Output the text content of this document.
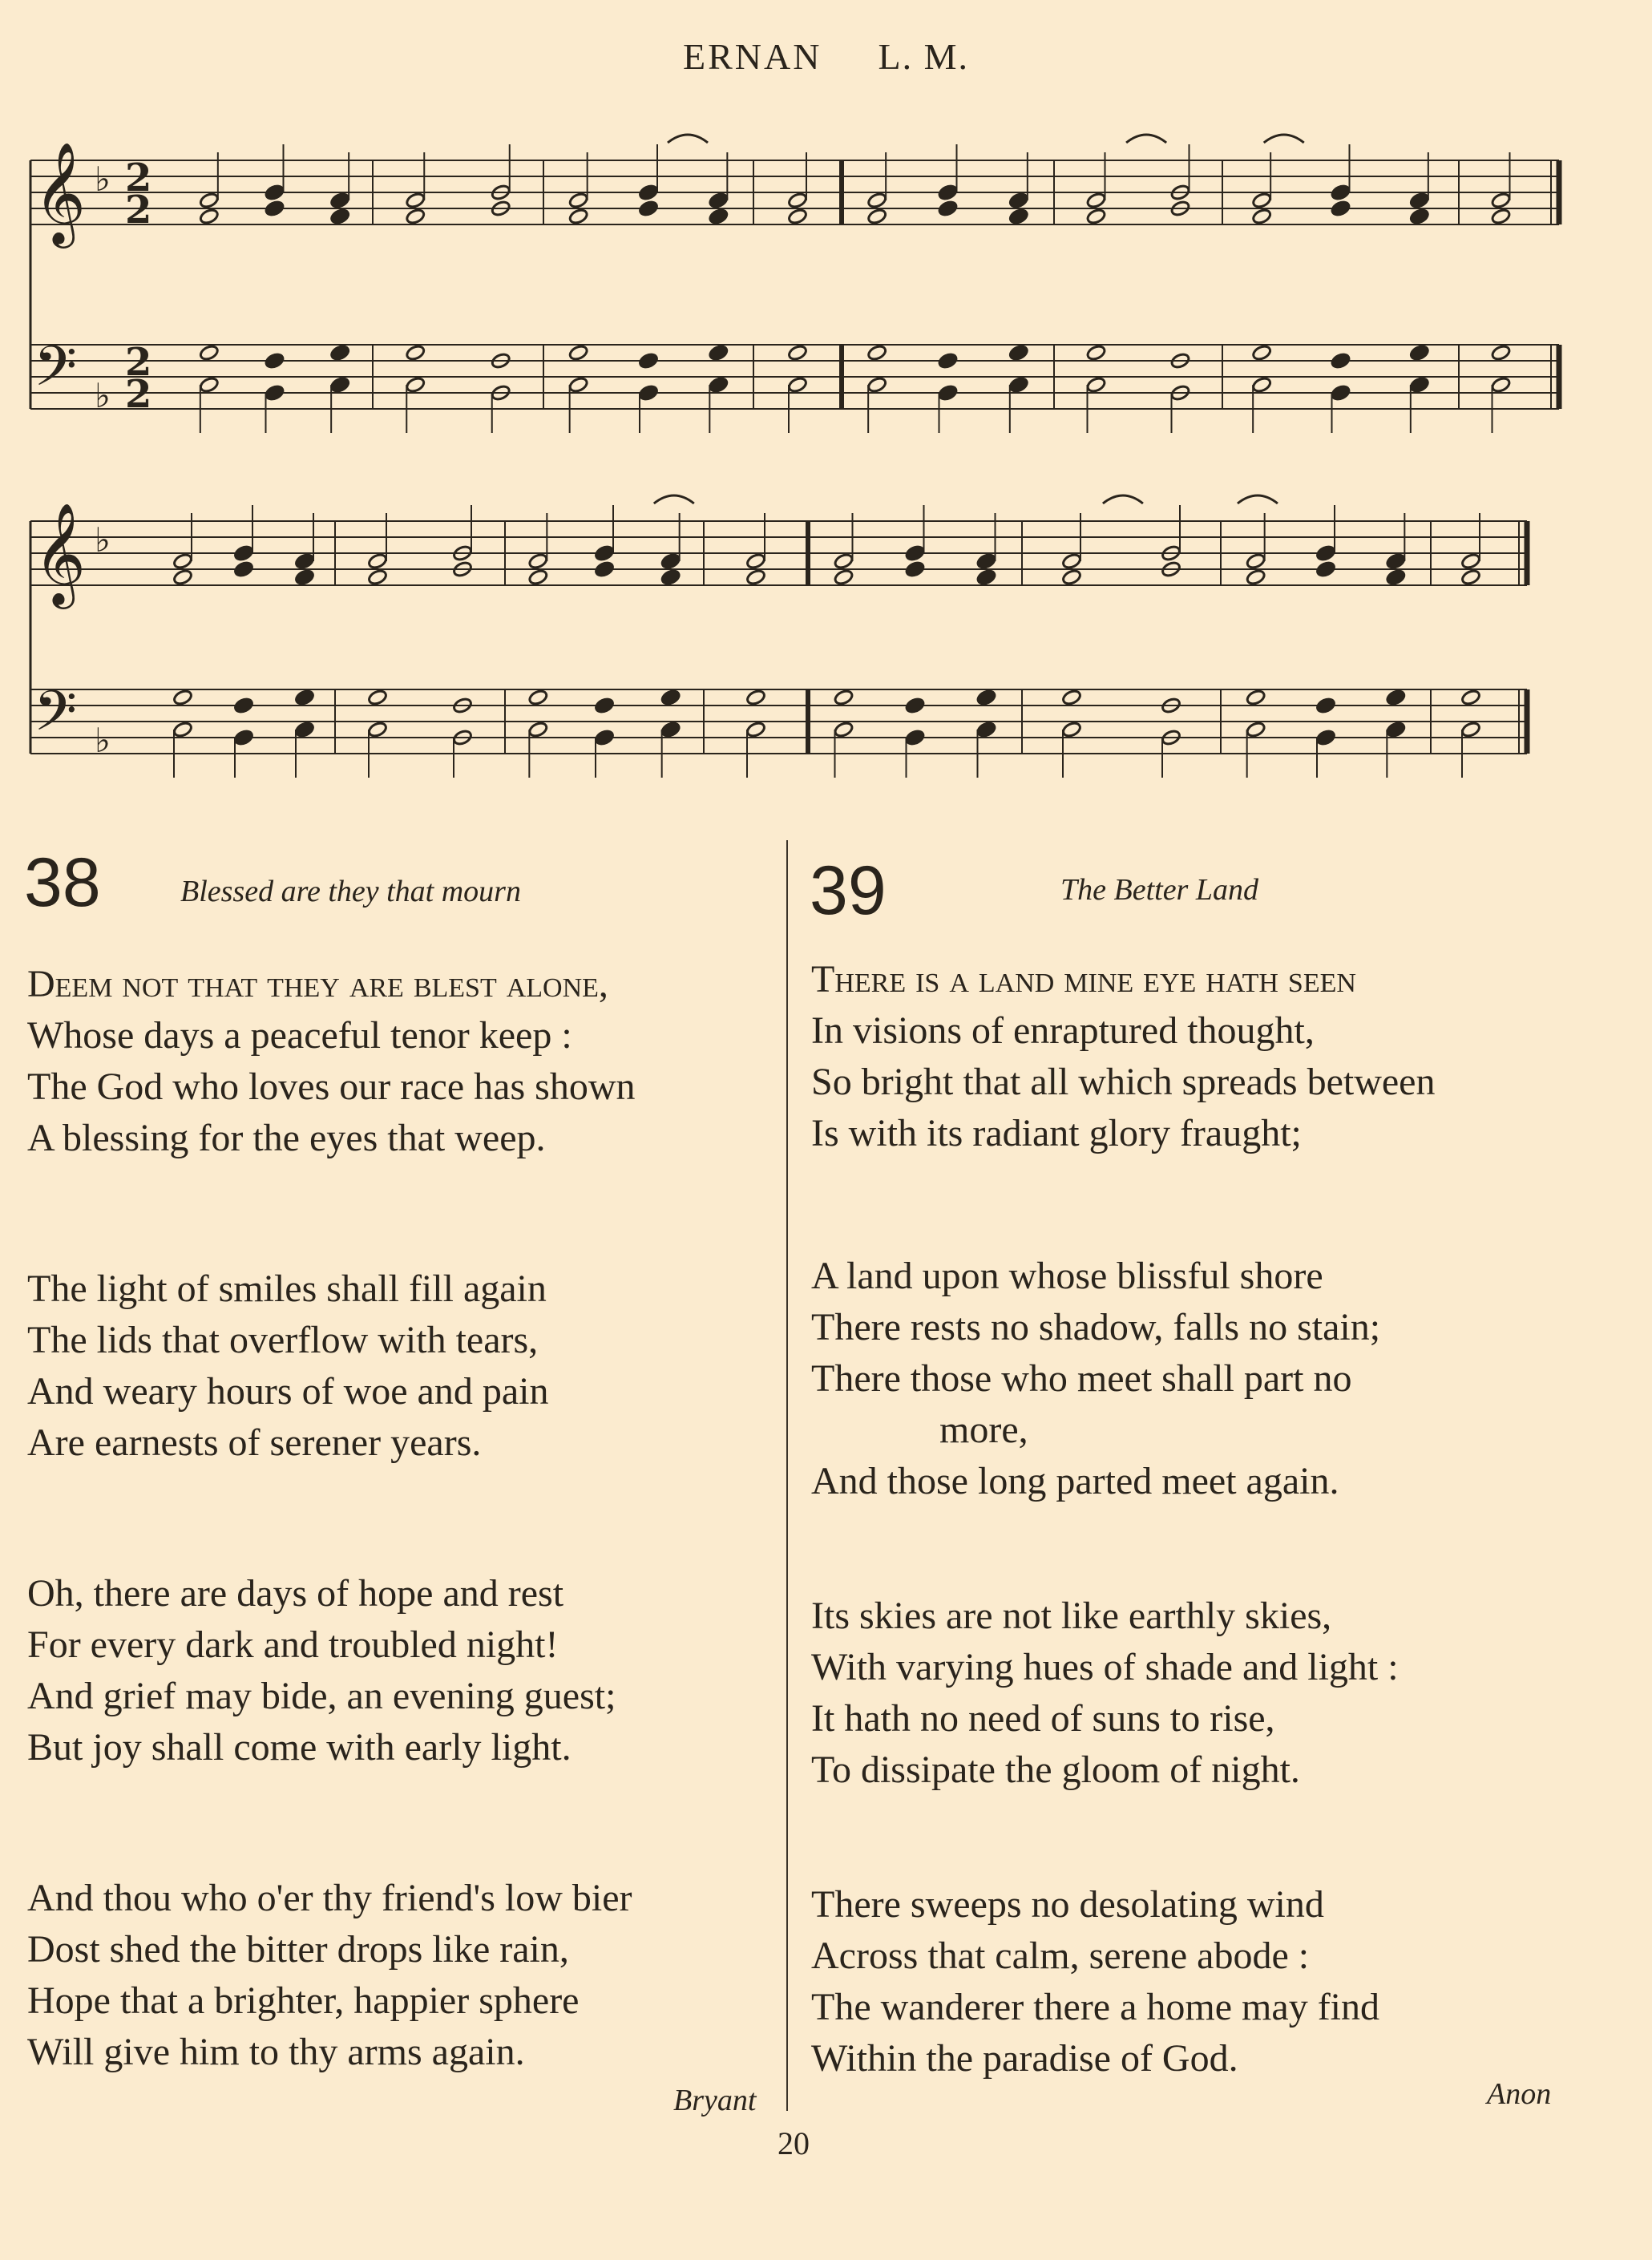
ERNAN L. M.
𝄞
𝄢
♭
♭
2
2
2
2
𝄞
𝄢
♭
♭
38	Blessed are they that mourn
Deem not that they are blest alone,
Whose days a peaceful tenor keep :
The God who loves our race has shown
A blessing for the eyes that weep.
The light of smiles shall fill again
The lids that overflow with tears,
And weary hours of woe and pain
Are earnests of serener years.
Oh, there are days of hope and rest
For every dark and troubled night!
And grief may bide, an evening guest;
But joy shall come with early light.
And thou who o'er thy friend's low bier
Dost shed the bitter drops like rain,
Hope that a brighter, happier sphere
Will give him to thy arms again.
Bryant
39	The Better Land
There is a land mine eye hath seen
In visions of enraptured thought,
So bright that all which spreads between
Is with its radiant glory fraught;
A land upon whose blissful shore
There rests no shadow, falls no stain;
There those who meet shall part no
more,
And those long parted meet again.
Its skies are not like earthly skies,
With varying hues of shade and light :
It hath no need of suns to rise,
To dissipate the gloom of night.
There sweeps no desolating wind
Across that calm, serene abode :
The wanderer there a home may find
Within the paradise of God.
Anon
20
